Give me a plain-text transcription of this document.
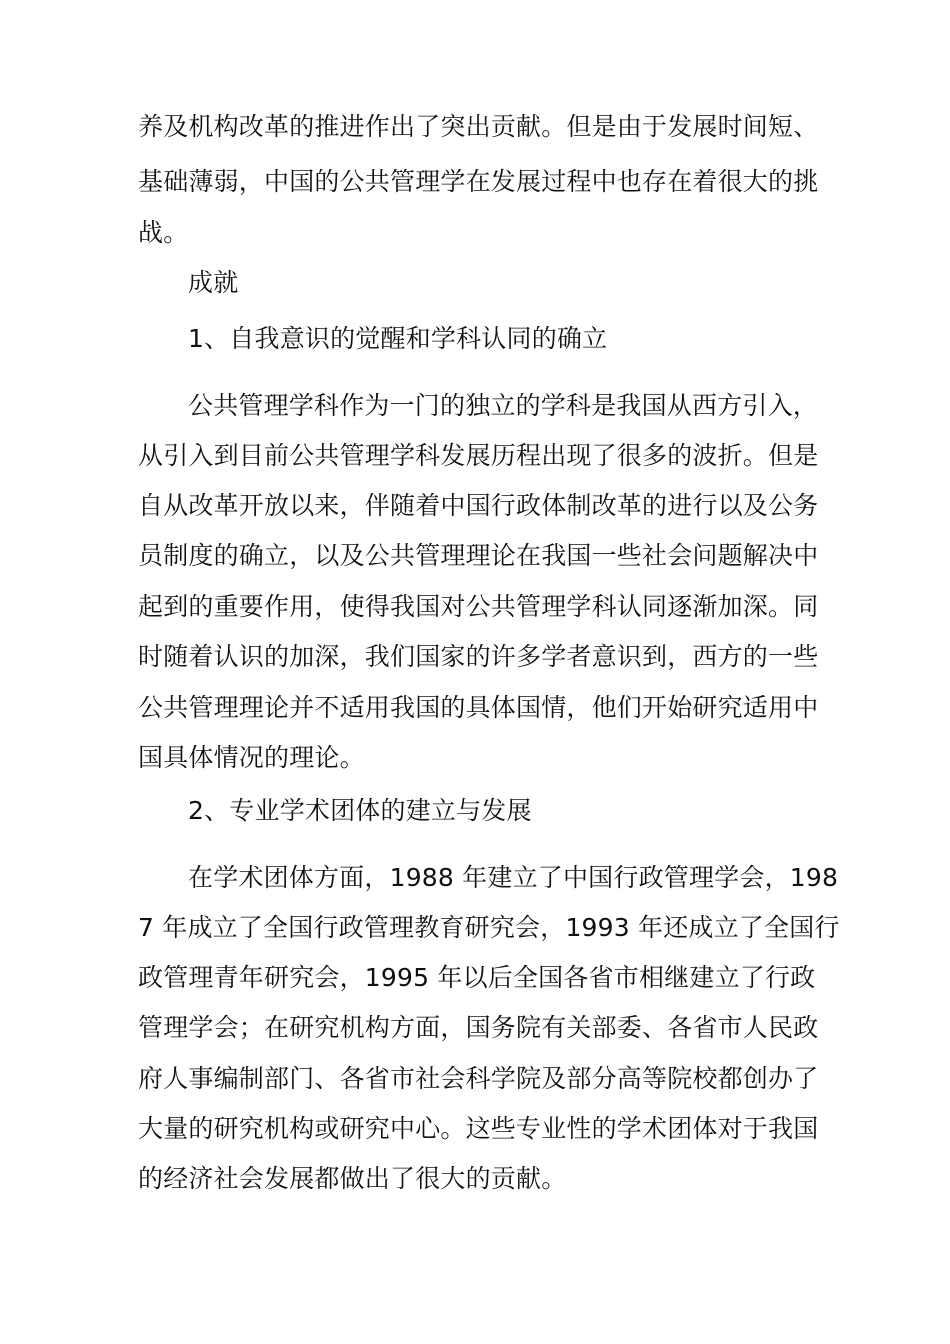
养及机构改革的推进作出了突出贡献。但是由于发展时间短、
基础薄弱，中国的公共管理学在发展过程中也存在着很大的挑
战。
成就
1、自我意识的觉醒和学科认同的确立
公共管理学科作为一门的独立的学科是我国从西方引入，
从引入到目前公共管理学科发展历程出现了很多的波折。但是
自从改革开放以来，伴随着中国行政体制改革的进行以及公务
员制度的确立，以及公共管理理论在我国一些社会问题解决中
起到的重要作用，使得我国对公共管理学科认同逐渐加深。同
时随着认识的加深，我们国家的许多学者意识到，西方的一些
公共管理理论并不适用我国的具体国情，他们开始研究适用中
国具体情况的理论。
2、专业学术团体的建立与发展
在学术团体方面，1988 年建立了中国行政管理学会，198
7 年成立了全国行政管理教育研究会，1993 年还成立了全国行
政管理青年研究会，1995 年以后全国各省市相继建立了行政
管理学会；在研究机构方面，国务院有关部委、各省市人民政
府人事编制部门、各省市社会科学院及部分高等院校都创办了
大量的研究机构或研究中心。这些专业性的学术团体对于我国
的经济社会发展都做出了很大的贡献。
